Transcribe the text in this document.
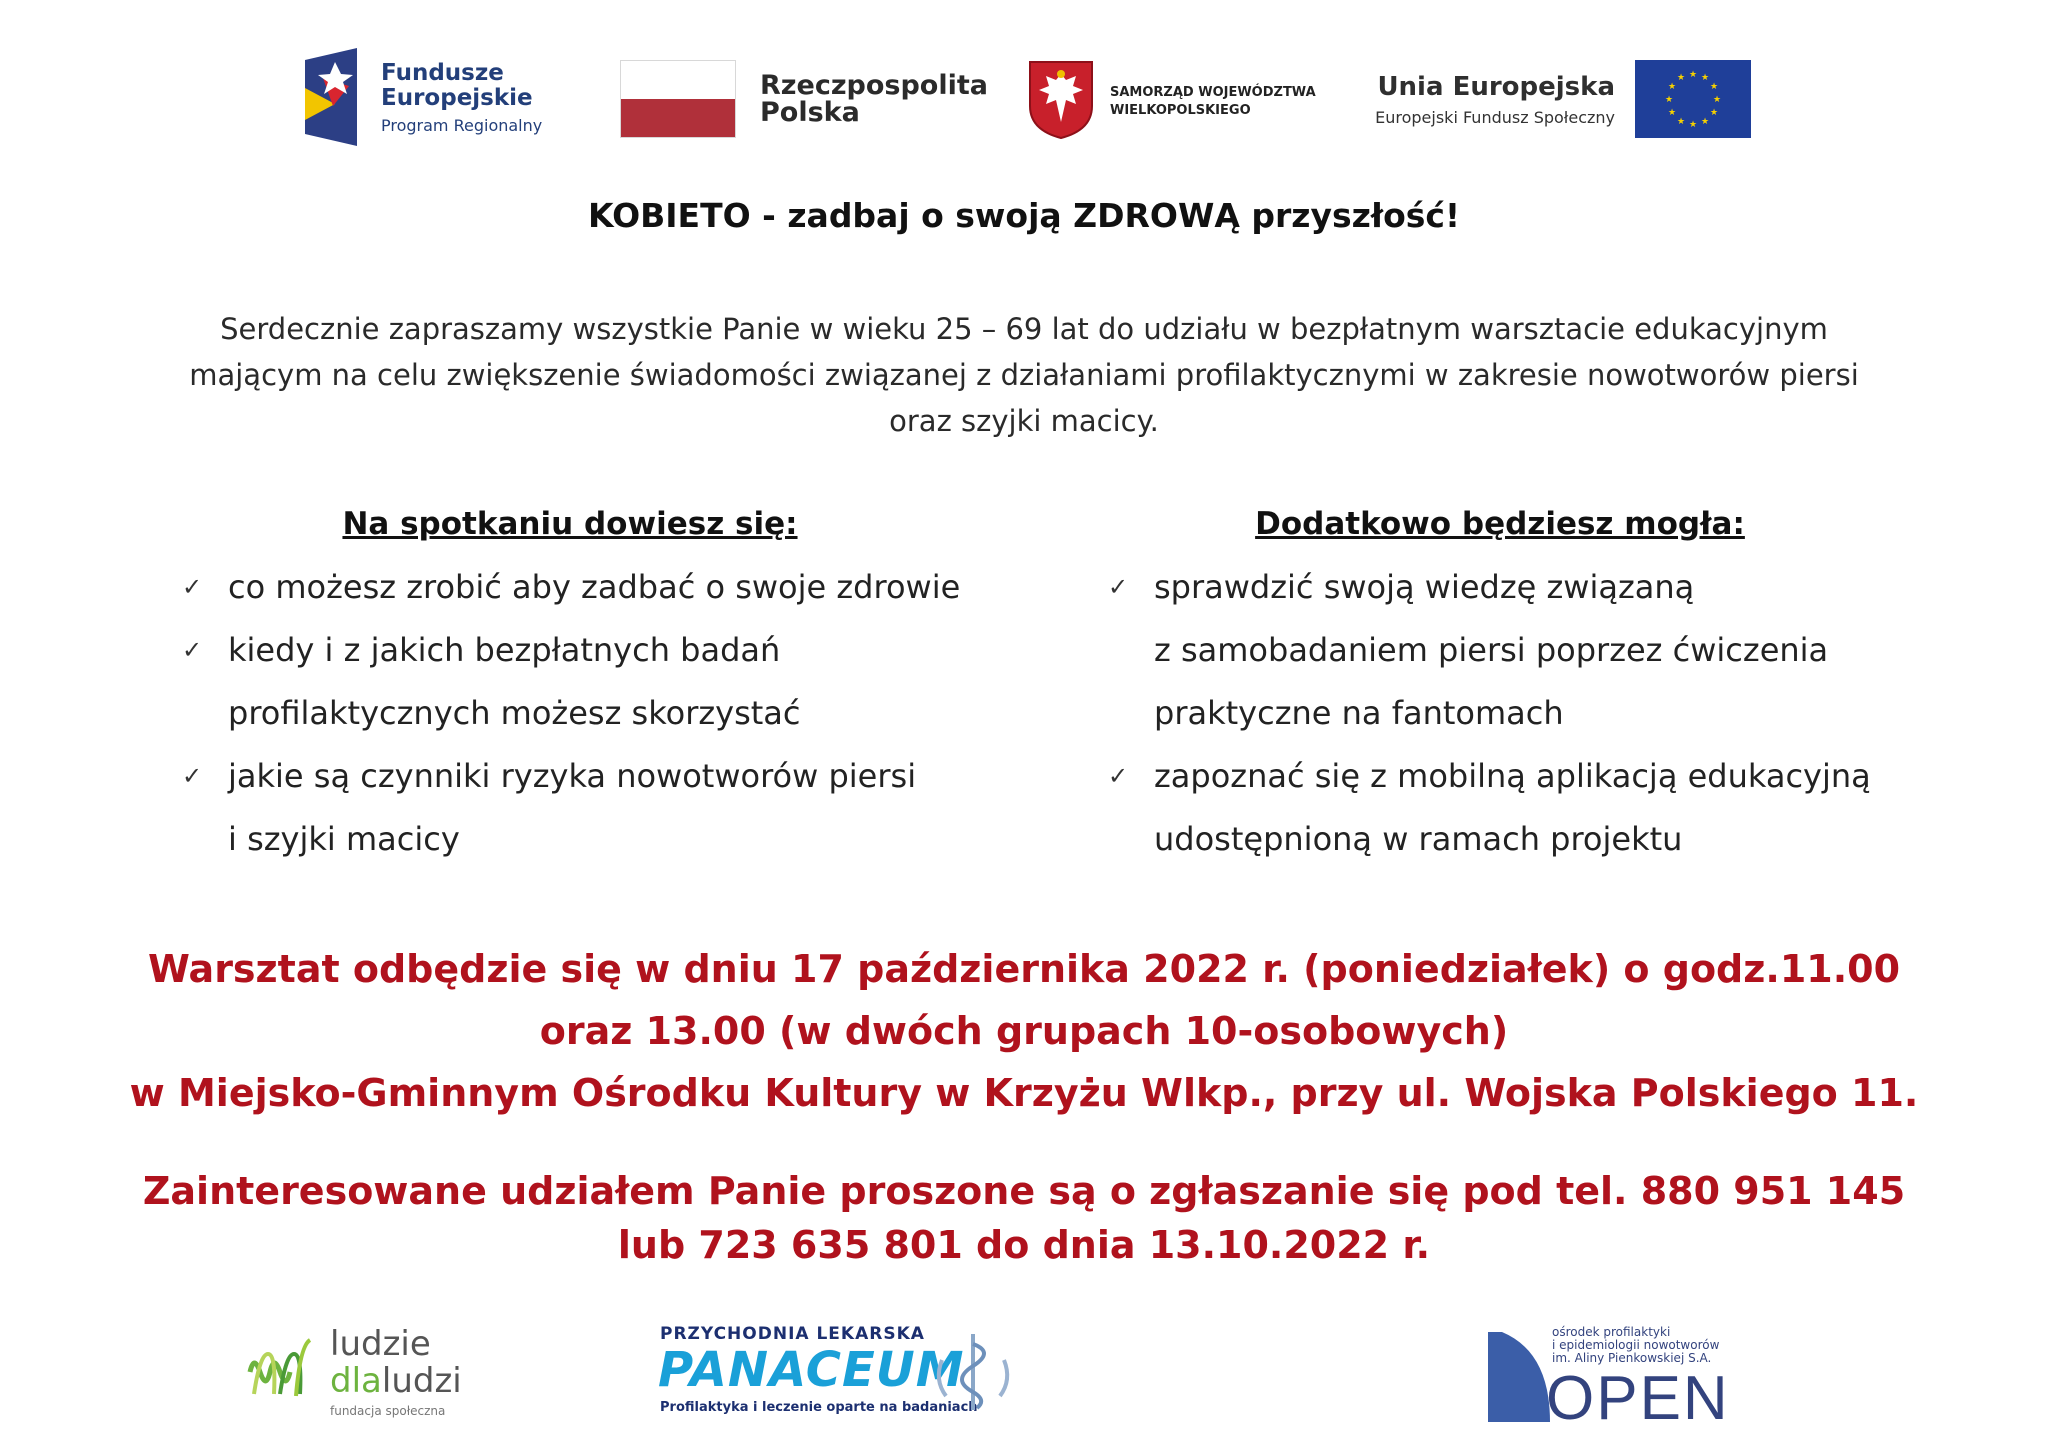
Fundusze
Europejskie
Program Regionalny
Rzeczpospolita
Polska
SAMORZĄD WOJEWÓDZTWA
WIELKOPOLSKIEGO
Unia Europejska
Europejski Fundusz Społeczny
★ ★
★
★
★
★
★
★
★
★
★
★
KOBIETO - zadbaj o swoją ZDROWĄ przyszłość!
Serdecznie zapraszamy wszystkie Panie w wieku 25 – 69 lat do udziału w bezpłatnym warsztacie edukacyjnym mającym na celu zwiększenie świadomości związanej z działaniami profilaktycznymi w zakresie nowotworów piersi oraz szyjki macicy.
Na spotkaniu dowiesz się:
✓ co możesz zrobić aby zadbać o swoje zdrowie
✓ kiedy i z jakich bezpłatnych badań
profilaktycznych możesz skorzystać
✓ jakie są czynniki ryzyka nowotworów piersi
i szyjki macicy
Dodatkowo będziesz mogła:
✓ sprawdzić swoją wiedzę związaną
z samobadaniem piersi poprzez ćwiczenia
praktyczne na fantomach
✓ zapoznać się z mobilną aplikacją edukacyjną
udostępnioną w ramach projektu
Warsztat odbędzie się w dniu 17 października 2022 r. (poniedziałek) o godz.11.00
oraz 13.00 (w dwóch grupach 10-osobowych)
w Miejsko-Gminnym Ośrodku Kultury w Krzyżu Wlkp., przy ul. Wojska Polskiego 11.
Zainteresowane udziałem Panie proszone są o zgłaszanie się pod tel. 880 951 145
lub 723 635 801 do dnia 13.10.2022 r.
ludzie
dlaludzi
fundacja społeczna
PRZYCHODNIA LEKARSKA
PANACEUM
Profilaktyka i leczenie oparte na badaniach
ośrodek profilaktyki
i epidemiologii nowotworów
im. Aliny Pienkowskiej S.A.
OPEN
